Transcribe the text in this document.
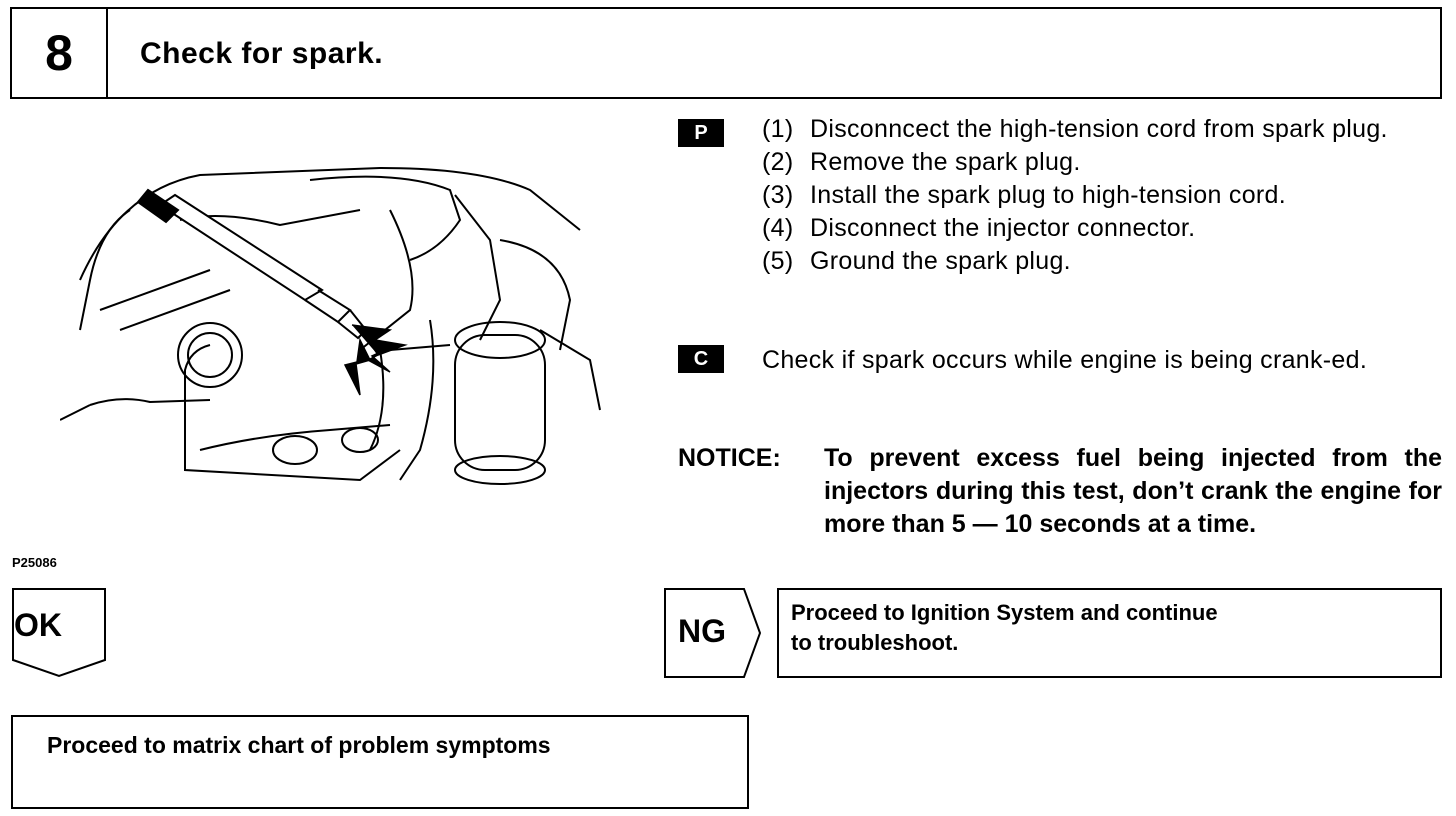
8	Check for spark.
P25086
P	(1) Disconncect the high-tension cord from spark plug.
(2) Remove the spark plug.
(3) Install the spark plug to high-tension cord.
(4) Disconnect the injector connector.
(5) Ground the spark plug.
C	Check if spark occurs while engine is being crank-ed.
NOTICE: To prevent excess fuel being injected from the injectors during this test, don’t crank the engine for more than 5 — 10 seconds at a time.
OK	NG
Proceed to Ignition System and continue
to troubleshoot.
Proceed to matrix chart of problem symptoms
